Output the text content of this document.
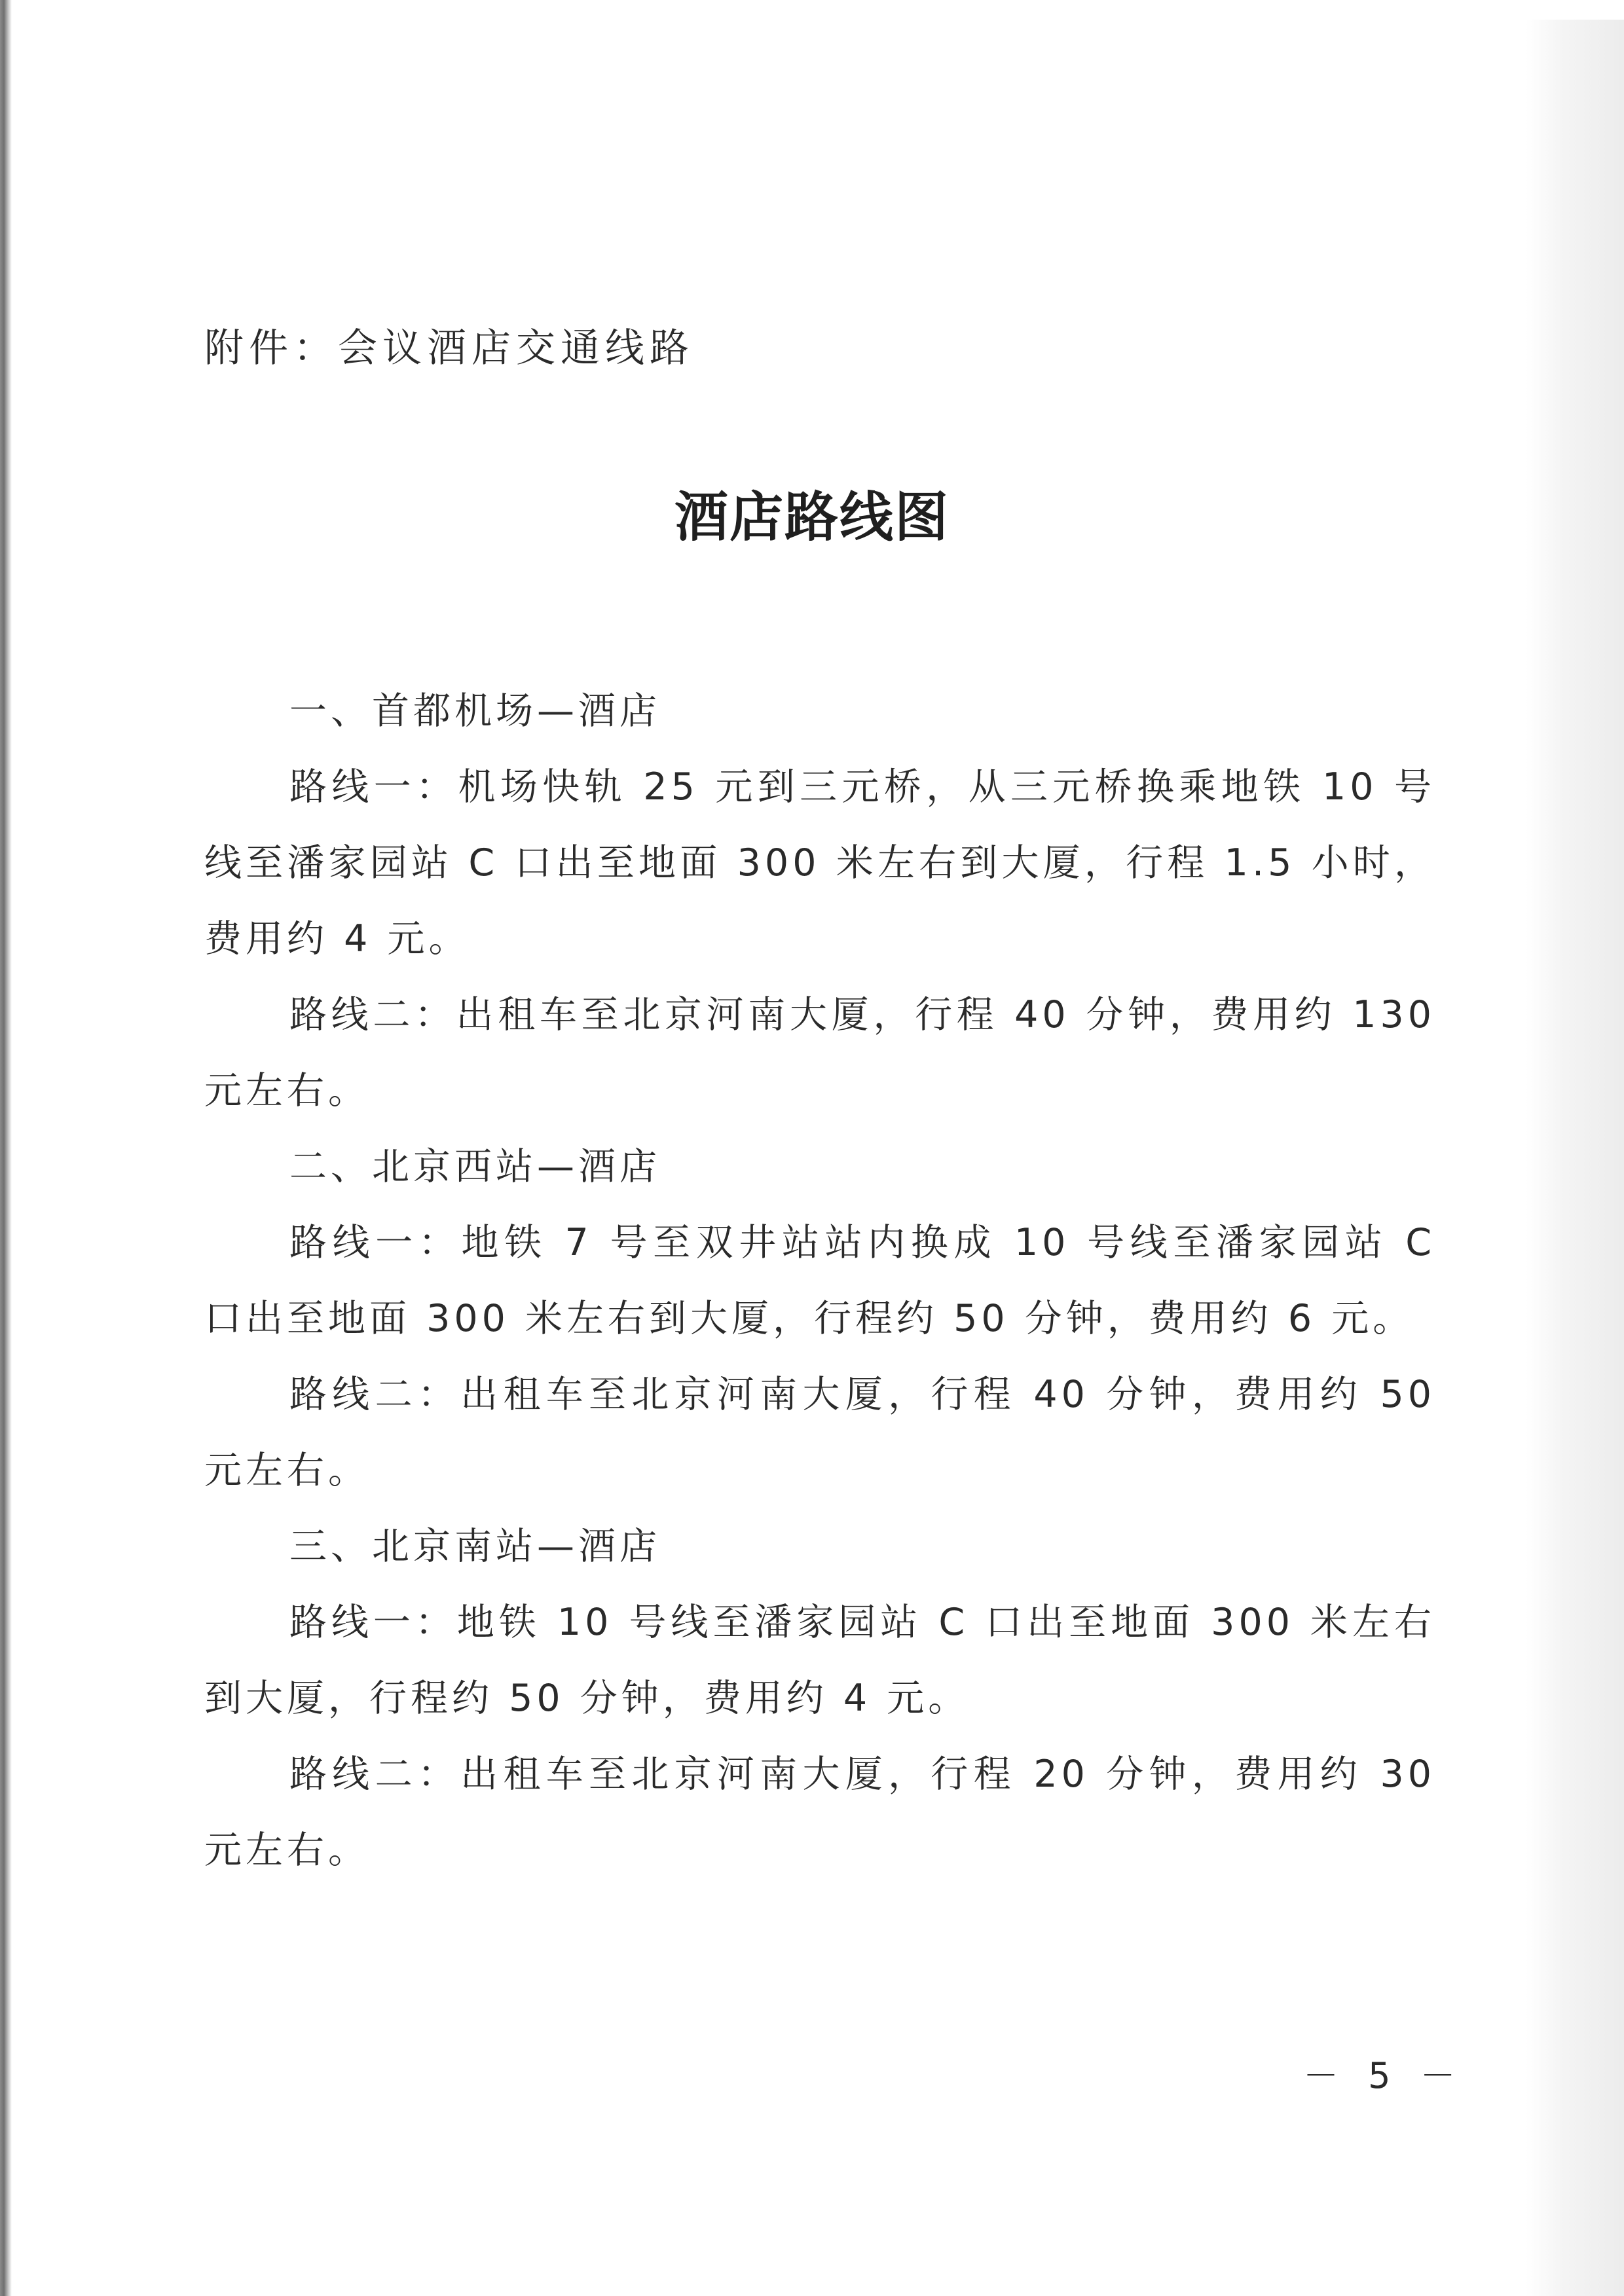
附件：会议酒店交通线路
酒店路线图

一、首都机场—酒店

路线一：机场快轨 25 元到三元桥，从三元桥换乘地铁 10 号线至潘家园站 C 口出至地面 300 米左右到大厦，行程 1.5 小时，费用约 4 元。

路线二：出租车至北京河南大厦，行程 40 分钟，费用约 130 元左右。

二、北京西站—酒店

路线一：地铁 7 号至双井站站内换成 10 号线至潘家园站 C 口出至地面 300 米左右到大厦，行程约 50 分钟，费用约 6 元。

路线二：出租车至北京河南大厦，行程 40 分钟，费用约 50 元左右。

三、北京南站—酒店

路线一：地铁 10 号线至潘家园站 C 口出至地面 300 米左右到大厦，行程约 50 分钟，费用约 4 元。

路线二：出租车至北京河南大厦，行程 20 分钟，费用约 30 元左右。

－ 5 －
